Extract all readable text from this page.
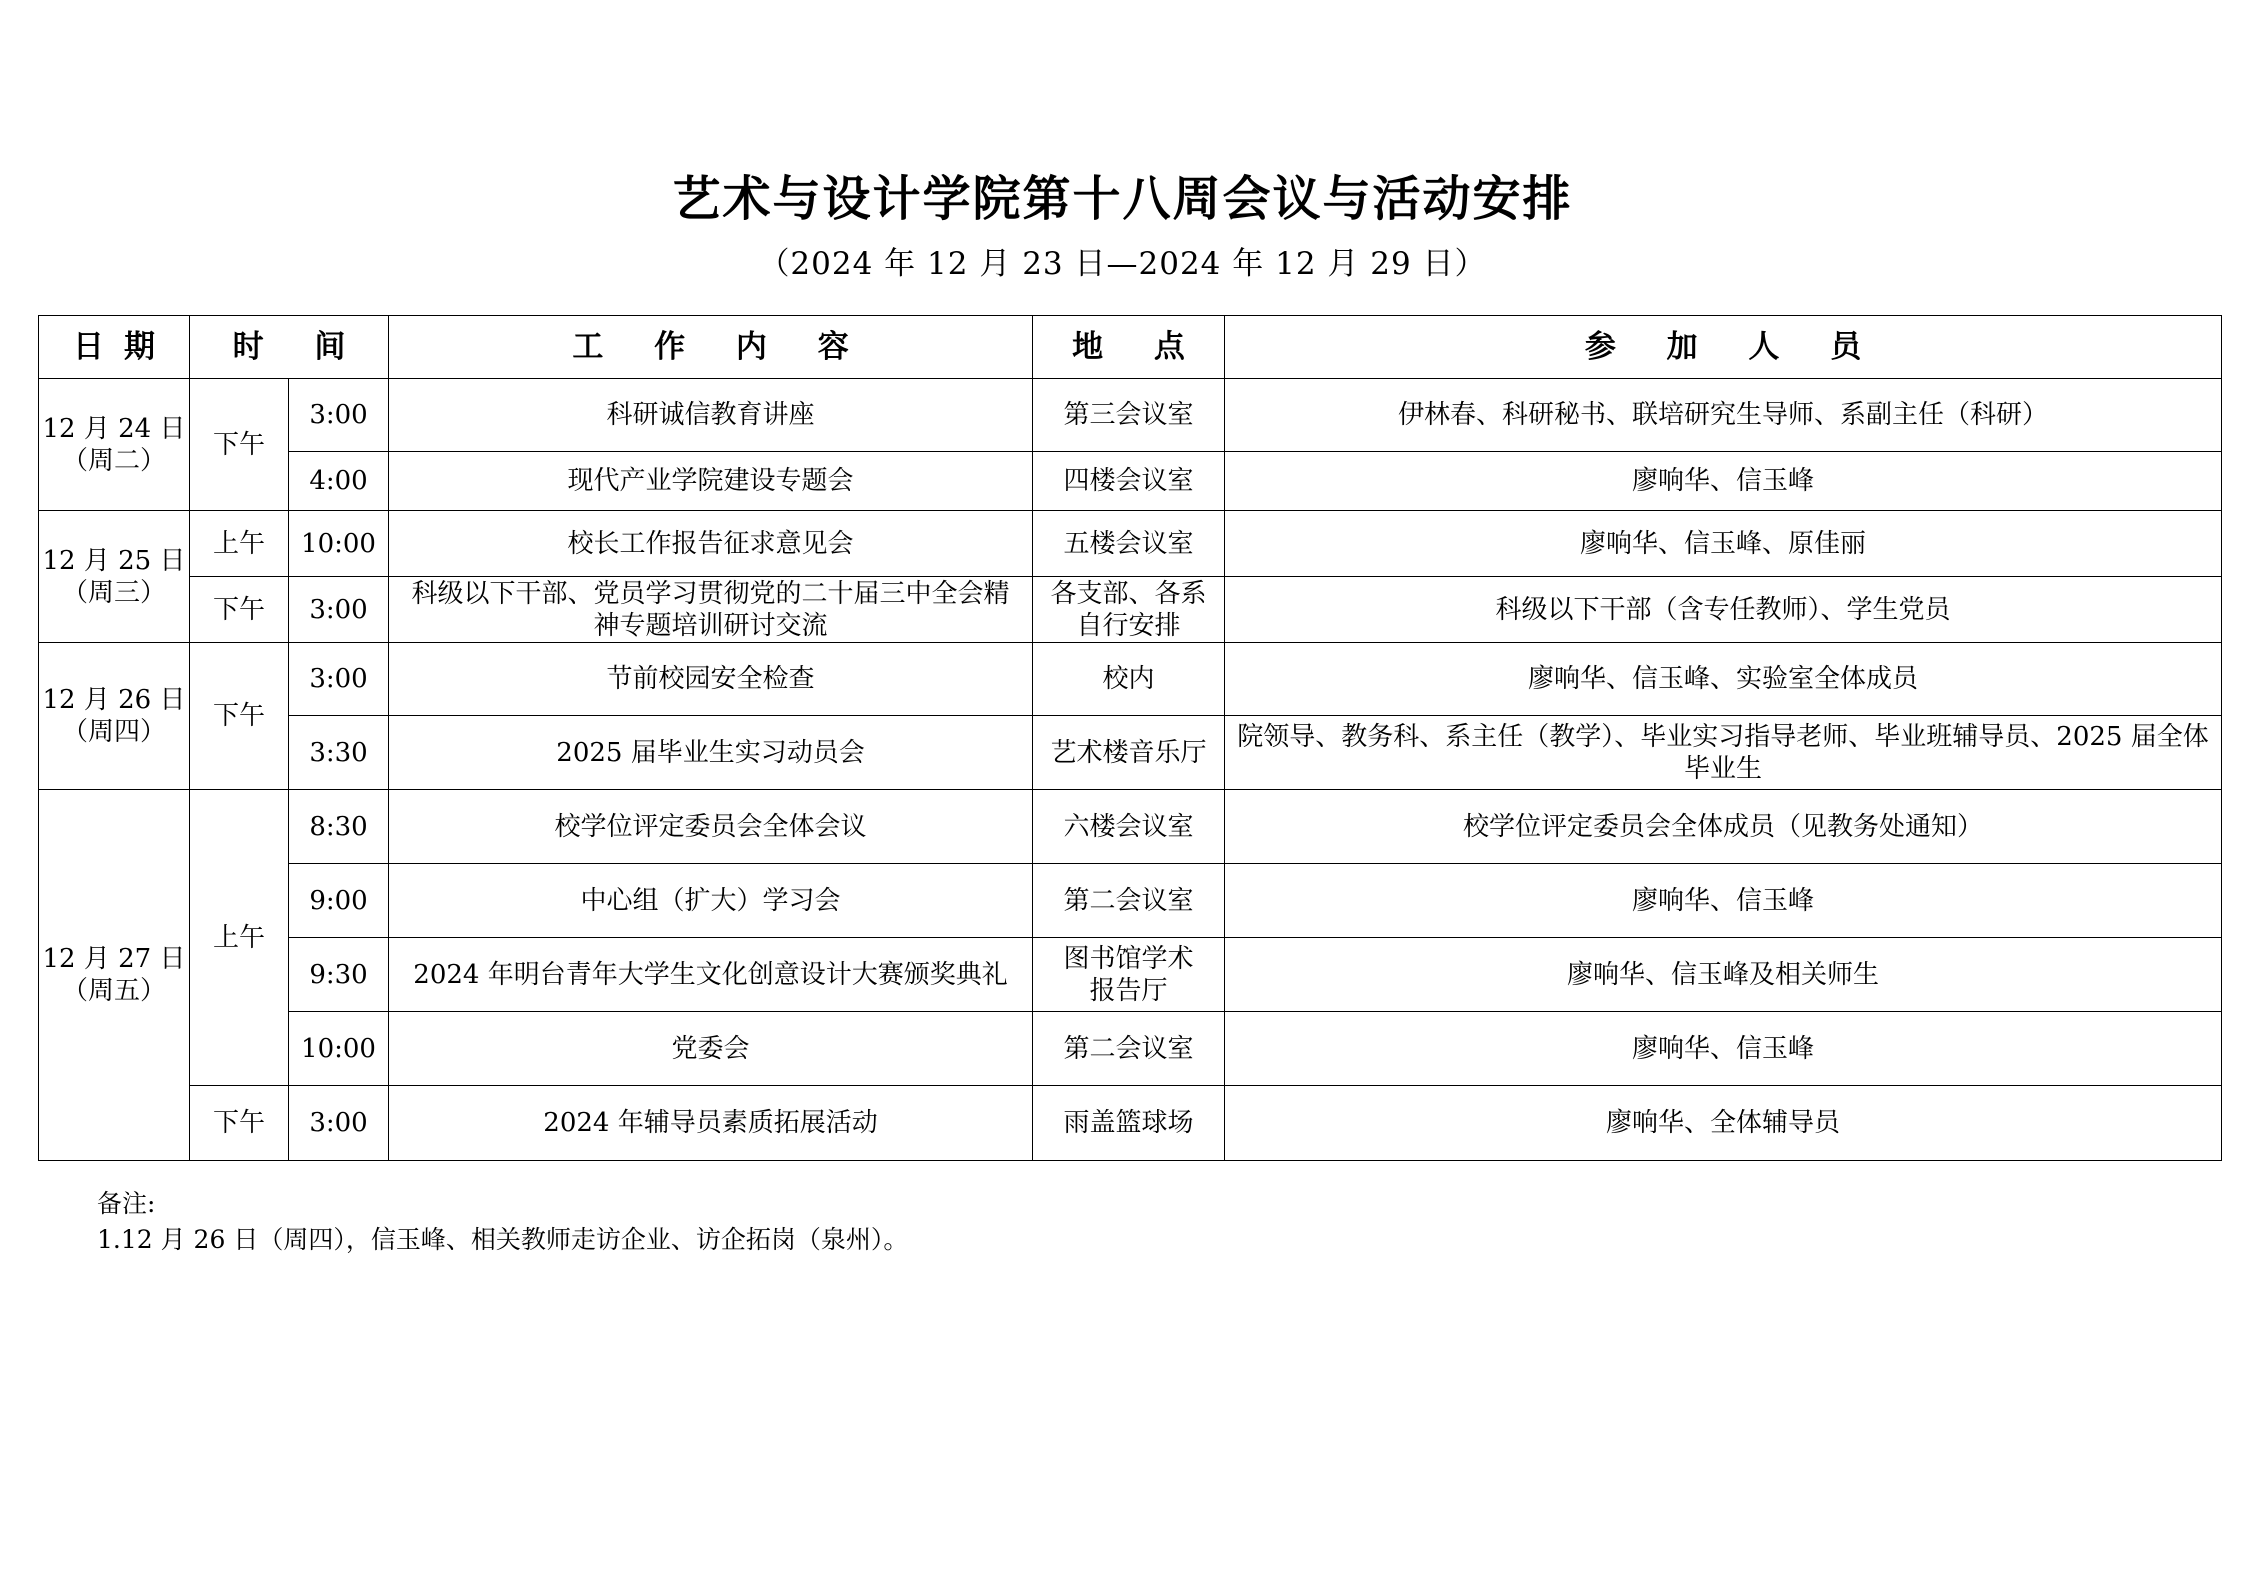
艺术与设计学院第十八周会议与活动安排
（2024 年 12 月 23 日—2024 年 12 月 29 日）
日期	时 间		工 作 内 容	地 点	参 加 人 员

12 月 24 日
（周二）	下午	3:00	科研诚信教育讲座	第三会议室	伊林春、科研秘书、联培研究生导师、系副主任（科研）
		4:00	现代产业学院建设专题会	四楼会议室	廖响华、信玉峰

12 月 25 日
（周三）	上午	10:00	校长工作报告征求意见会	五楼会议室	廖响华、信玉峰、原佳丽
	下午	3:00	科级以下干部、党员学习贯彻党的二十届三中全会精神专题培训研讨交流	各支部、各系自行安排	科级以下干部（含专任教师）、学生党员

12 月 26 日
（周四）	下午	3:00	节前校园安全检查	校内	廖响华、信玉峰、实验室全体成员
		3:30	2025 届毕业生实习动员会	艺术楼音乐厅	院领导、教务科、系主任（教学）、毕业实习指导老师、毕业班辅导员、2025 届全体毕业生

12 月 27 日
（周五）	上午	8:30	校学位评定委员会全体会议	六楼会议室	校学位评定委员会全体成员（见教务处通知）
		9:00	中心组（扩大）学习会	第二会议室	廖响华、信玉峰
		9:30	2024 年明台青年大学生文化创意设计大赛颁奖典礼	图书馆学术报告厅	廖响华、信玉峰及相关师生
		10:00	党委会	第二会议室	廖响华、信玉峰
	下午	3:00	2024 年辅导员素质拓展活动	雨盖篮球场	廖响华、全体辅导员
备注:
1.12 月 26 日（周四），信玉峰、相关教师走访企业、访企拓岗（泉州）。
